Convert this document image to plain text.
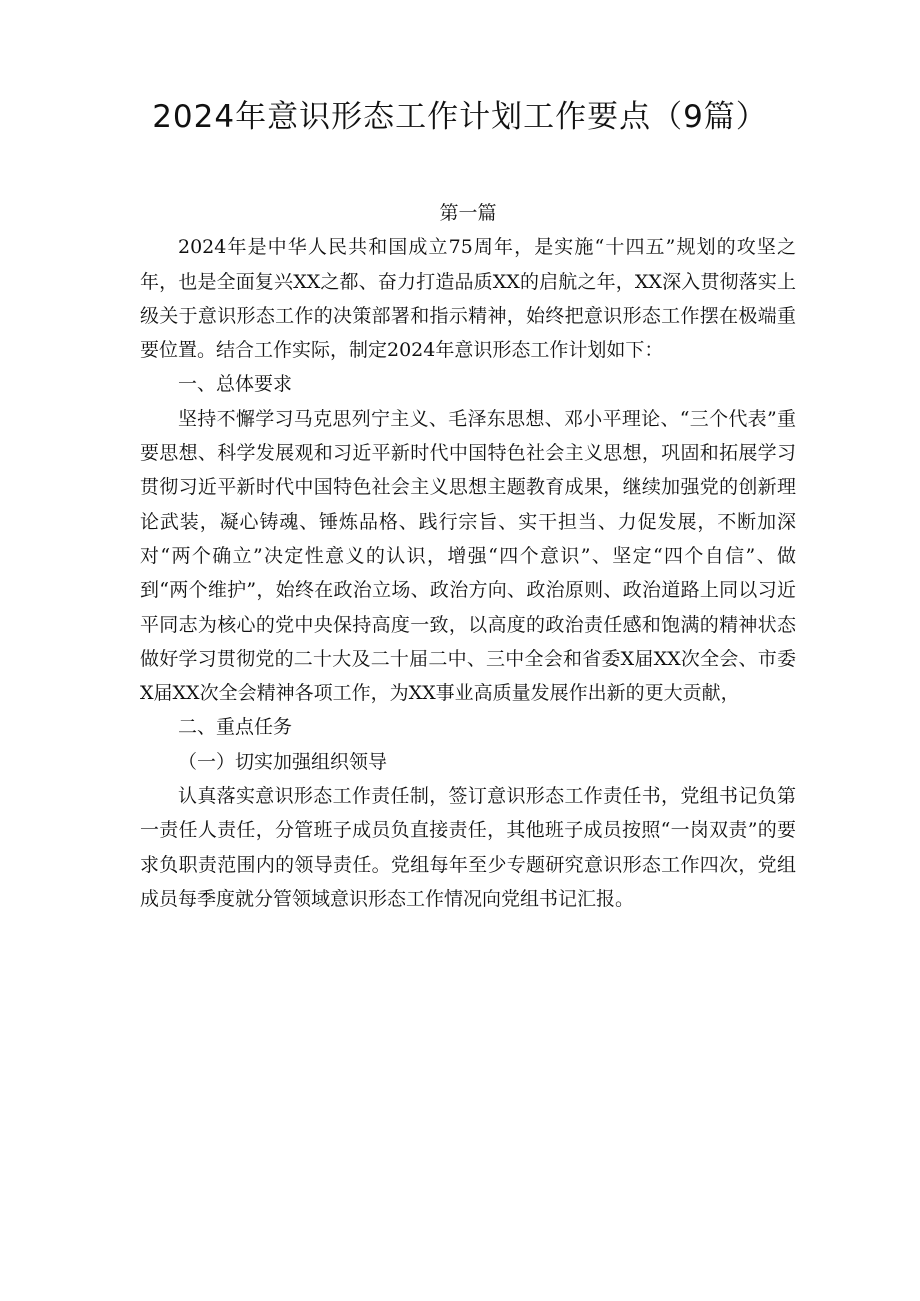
2024年意识形态工作计划工作要点（9篇）

第一篇

2024年是中华人民共和国成立75周年，是实施“十四五”规划的攻坚之年，也是全面复兴XX之都、奋力打造品质XX的启航之年，XX深入贯彻落实上级关于意识形态工作的决策部署和指示精神，始终把意识形态工作摆在极端重要位置。结合工作实际，制定2024年意识形态工作计划如下：

一、总体要求

坚持不懈学习马克思列宁主义、毛泽东思想、邓小平理论、“三个代表”重要思想、科学发展观和习近平新时代中国特色社会主义思想，巩固和拓展学习贯彻习近平新时代中国特色社会主义思想主题教育成果，继续加强党的创新理论武装，凝心铸魂、锤炼品格、践行宗旨、实干担当、力促发展，不断加深对“两个确立”决定性意义的认识，增强“四个意识”、坚定“四个自信”、做到“两个维护”，始终在政治立场、政治方向、政治原则、政治道路上同以习近平同志为核心的党中央保持高度一致，以高度的政治责任感和饱满的精神状态做好学习贯彻党的二十大及二十届二中、三中全会和省委X届XX次全会、市委X届XX次全会精神各项工作，为XX事业高质量发展作出新的更大贡献，

二、重点任务

（一）切实加强组织领导

认真落实意识形态工作责任制，签订意识形态工作责任书，党组书记负第一责任人责任，分管班子成员负直接责任，其他班子成员按照“一岗双责”的要求负职责范围内的领导责任。党组每年至少专题研究意识形态工作四次，党组成员每季度就分管领域意识形态工作情况向党组书记汇报。
